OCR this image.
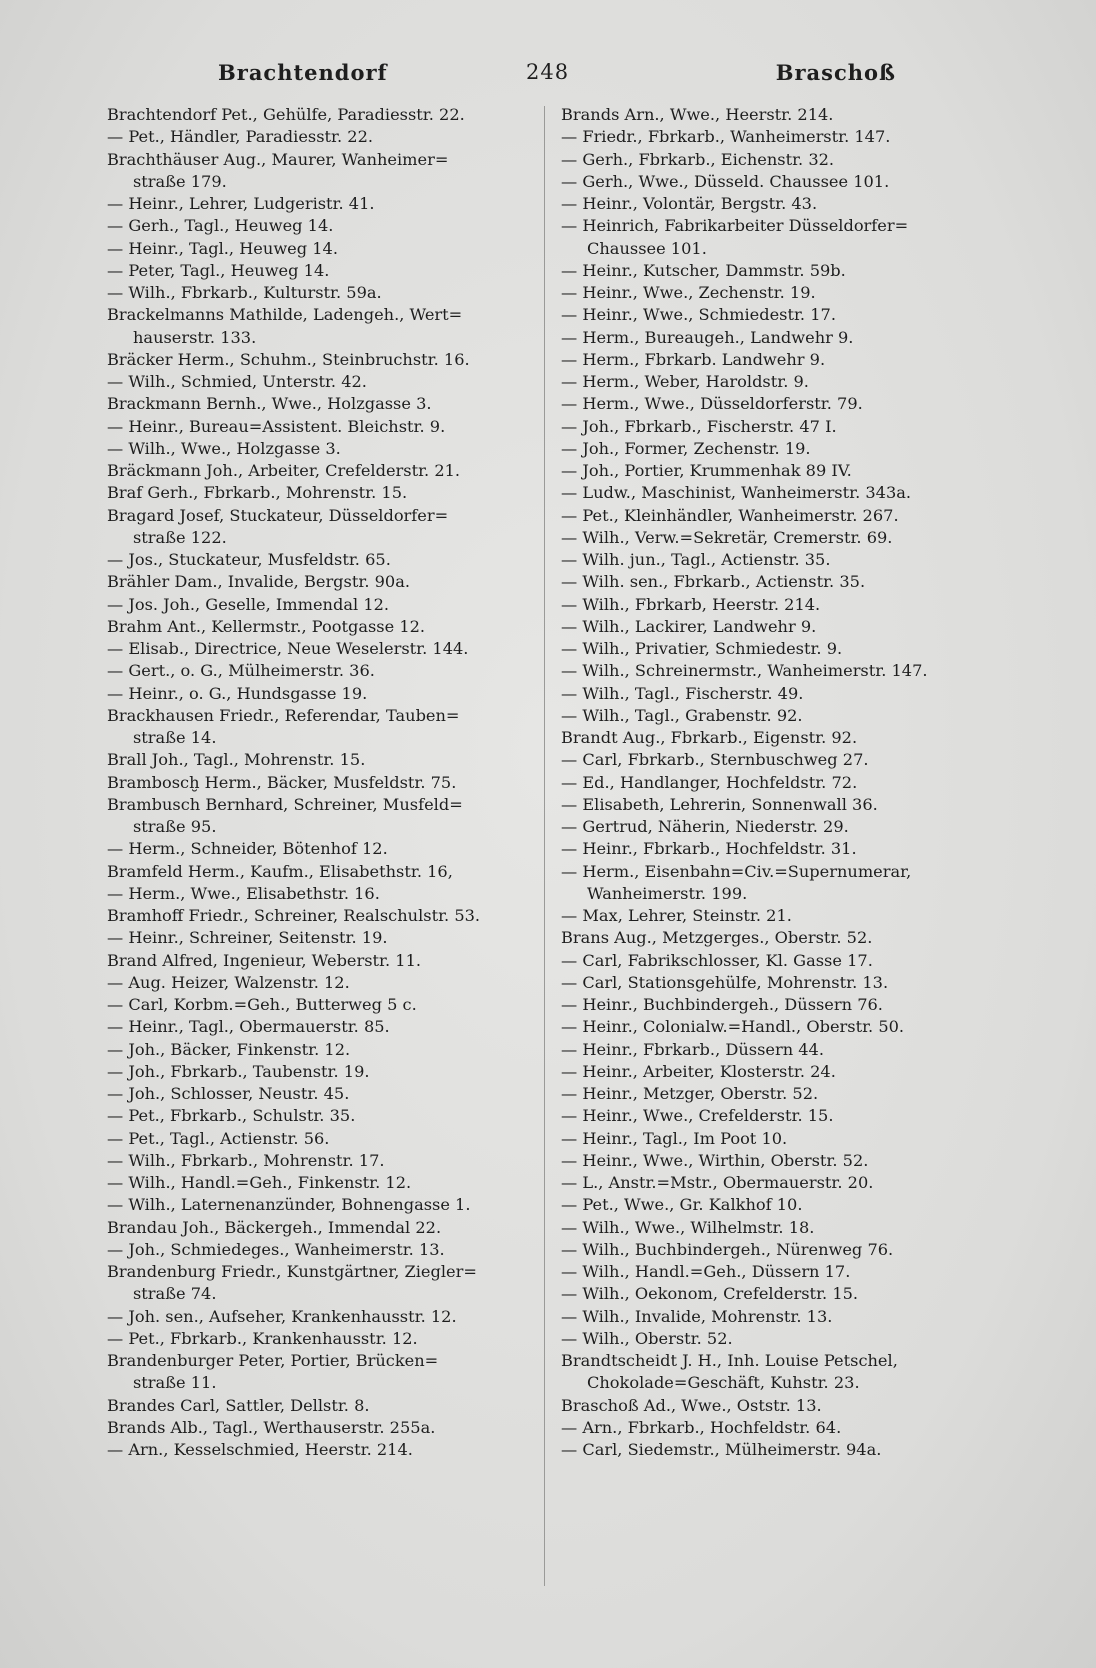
Brachtendorf	248	Braschoß
Brachtendorf Pet., Gehülfe, Paradiesstr. 22.
— Pet., Händler, Paradiesstr. 22.
Brachthäuser Aug., Maurer, Wanheimer=
straße 179.
— Heinr., Lehrer, Ludgeristr. 41.
— Gerh., Tagl., Heuweg 14.
— Heinr., Tagl., Heuweg 14.
— Peter, Tagl., Heuweg 14.
— Wilh., Fbrkarb., Kulturstr. 59a.
Brackelmanns Mathilde, Ladengeh., Wert=
hauserstr. 133.
Bräcker Herm., Schuhm., Steinbruchstr. 16.
— Wilh., Schmied, Unterstr. 42.
Brackmann Bernh., Wwe., Holzgasse 3.
— Heinr., Bureau=Assistent. Bleichstr. 9.
— Wilh., Wwe., Holzgasse 3.
Bräckmann Joh., Arbeiter, Crefelderstr. 21.
Braf Gerh., Fbrkarb., Mohrenstr. 15.
Bragard Josef, Stuckateur, Düsseldorfer=
straße 122.
— Jos., Stuckateur, Musfeldstr. 65.
Brähler Dam., Invalide, Bergstr. 90a.
— Jos. Joh., Geselle, Immendal 12.
Brahm Ant., Kellermstr., Pootgasse 12.
— Elisab., Directrice, Neue Weselerstr. 144.
— Gert., o. G., Mülheimerstr. 36.
— Heinr., o. G., Hundsgasse 19.
Brackhausen Friedr., Referendar, Tauben=
straße 14.
Brall Joh., Tagl., Mohrenstr. 15.
Bramboscḫ Herm., Bäcker, Musfeldstr. 75.
Brambusch Bernhard, Schreiner, Musfeld=
straße 95.
— Herm., Schneider, Bötenhof 12.
Bramfeld Herm., Kaufm., Elisabethstr. 16,
— Herm., Wwe., Elisabethstr. 16.
Bramhoff Friedr., Schreiner, Realschulstr. 53.
— Heinr., Schreiner, Seitenstr. 19.
Brand Alfred, Ingenieur, Weberstr. 11.
— Aug. Heizer, Walzenstr. 12.
— Carl, Korbm.=Geh., Butterweg 5 c.
— Heinr., Tagl., Obermauerstr. 85.
— Joh., Bäcker, Finkenstr. 12.
— Joh., Fbrkarb., Taubenstr. 19.
— Joh., Schlosser, Neustr. 45.
— Pet., Fbrkarb., Schulstr. 35.
— Pet., Tagl., Actienstr. 56.
— Wilh., Fbrkarb., Mohrenstr. 17.
— Wilh., Handl.=Geh., Finkenstr. 12.
— Wilh., Laternenanzünder, Bohnengasse 1.
Brandau Joh., Bäckergeh., Immendal 22.
— Joh., Schmiedeges., Wanheimerstr. 13.
Brandenburg Friedr., Kunstgärtner, Ziegler=
straße 74.
— Joh. sen., Aufseher, Krankenhausstr. 12.
— Pet., Fbrkarb., Krankenhausstr. 12.
Brandenburger Peter, Portier, Brücken=
straße 11.
Brandes Carl, Sattler, Dellstr. 8.
Brands Alb., Tagl., Werthauserstr. 255a.
— Arn., Kesselschmied, Heerstr. 214.
Brands Arn., Wwe., Heerstr. 214.
— Friedr., Fbrkarb., Wanheimerstr. 147.
— Gerh., Fbrkarb., Eichenstr. 32.
— Gerh., Wwe., Düsseld. Chaussee 101.
— Heinr., Volontär, Bergstr. 43.
— Heinrich, Fabrikarbeiter Düsseldorfer=
Chaussee 101.
— Heinr., Kutscher, Dammstr. 59b.
— Heinr., Wwe., Zechenstr. 19.
— Heinr., Wwe., Schmiedestr. 17.
— Herm., Bureaugeh., Landwehr 9.
— Herm., Fbrkarb. Landwehr 9.
— Herm., Weber, Haroldstr. 9.
— Herm., Wwe., Düsseldorferstr. 79.
— Joh., Fbrkarb., Fischerstr. 47 I.
— Joh., Former, Zechenstr. 19.
— Joh., Portier, Krummenhak 89 IV.
— Ludw., Maschinist, Wanheimerstr. 343a.
— Pet., Kleinhändler, Wanheimerstr. 267.
— Wilh., Verw.=Sekretär, Cremerstr. 69.
— Wilh. jun., Tagl., Actienstr. 35.
— Wilh. sen., Fbrkarb., Actienstr. 35.
— Wilh., Fbrkarb, Heerstr. 214.
— Wilh., Lackirer, Landwehr 9.
— Wilh., Privatier, Schmiedestr. 9.
— Wilh., Schreinermstr., Wanheimerstr. 147.
— Wilh., Tagl., Fischerstr. 49.
— Wilh., Tagl., Grabenstr. 92.
Brandt Aug., Fbrkarb., Eigenstr. 92.
— Carl, Fbrkarb., Sternbuschweg 27.
— Ed., Handlanger, Hochfeldstr. 72.
— Elisabeth, Lehrerin, Sonnenwall 36.
— Gertrud, Näherin, Niederstr. 29.
— Heinr., Fbrkarb., Hochfeldstr. 31.
— Herm., Eisenbahn=Civ.=Supernumerar,
Wanheimerstr. 199.
— Max, Lehrer, Steinstr. 21.
Brans Aug., Metzgerges., Oberstr. 52.
— Carl, Fabrikschlosser, Kl. Gasse 17.
— Carl, Stationsgehülfe, Mohrenstr. 13.
— Heinr., Buchbindergeh., Düssern 76.
— Heinr., Colonialw.=Handl., Oberstr. 50.
— Heinr., Fbrkarb., Düssern 44.
— Heinr., Arbeiter, Klosterstr. 24.
— Heinr., Metzger, Oberstr. 52.
— Heinr., Wwe., Crefelderstr. 15.
— Heinr., Tagl., Im Poot 10.
— Heinr., Wwe., Wirthin, Oberstr. 52.
— L., Anstr.=Mstr., Obermauerstr. 20.
— Pet., Wwe., Gr. Kalkhof 10.
— Wilh., Wwe., Wilhelmstr. 18.
— Wilh., Buchbindergeh., Nürenweg 76.
— Wilh., Handl.=Geh., Düssern 17.
— Wilh., Oekonom, Crefelderstr. 15.
— Wilh., Invalide, Mohrenstr. 13.
— Wilh., Oberstr. 52.
Brandtscheidt J. H., Inh. Louise Petschel,
Chokolade=Geschäft, Kuhstr. 23.
Braschoß Ad., Wwe., Oststr. 13.
— Arn., Fbrkarb., Hochfeldstr. 64.
— Carl, Siedemstr., Mülheimerstr. 94a.
